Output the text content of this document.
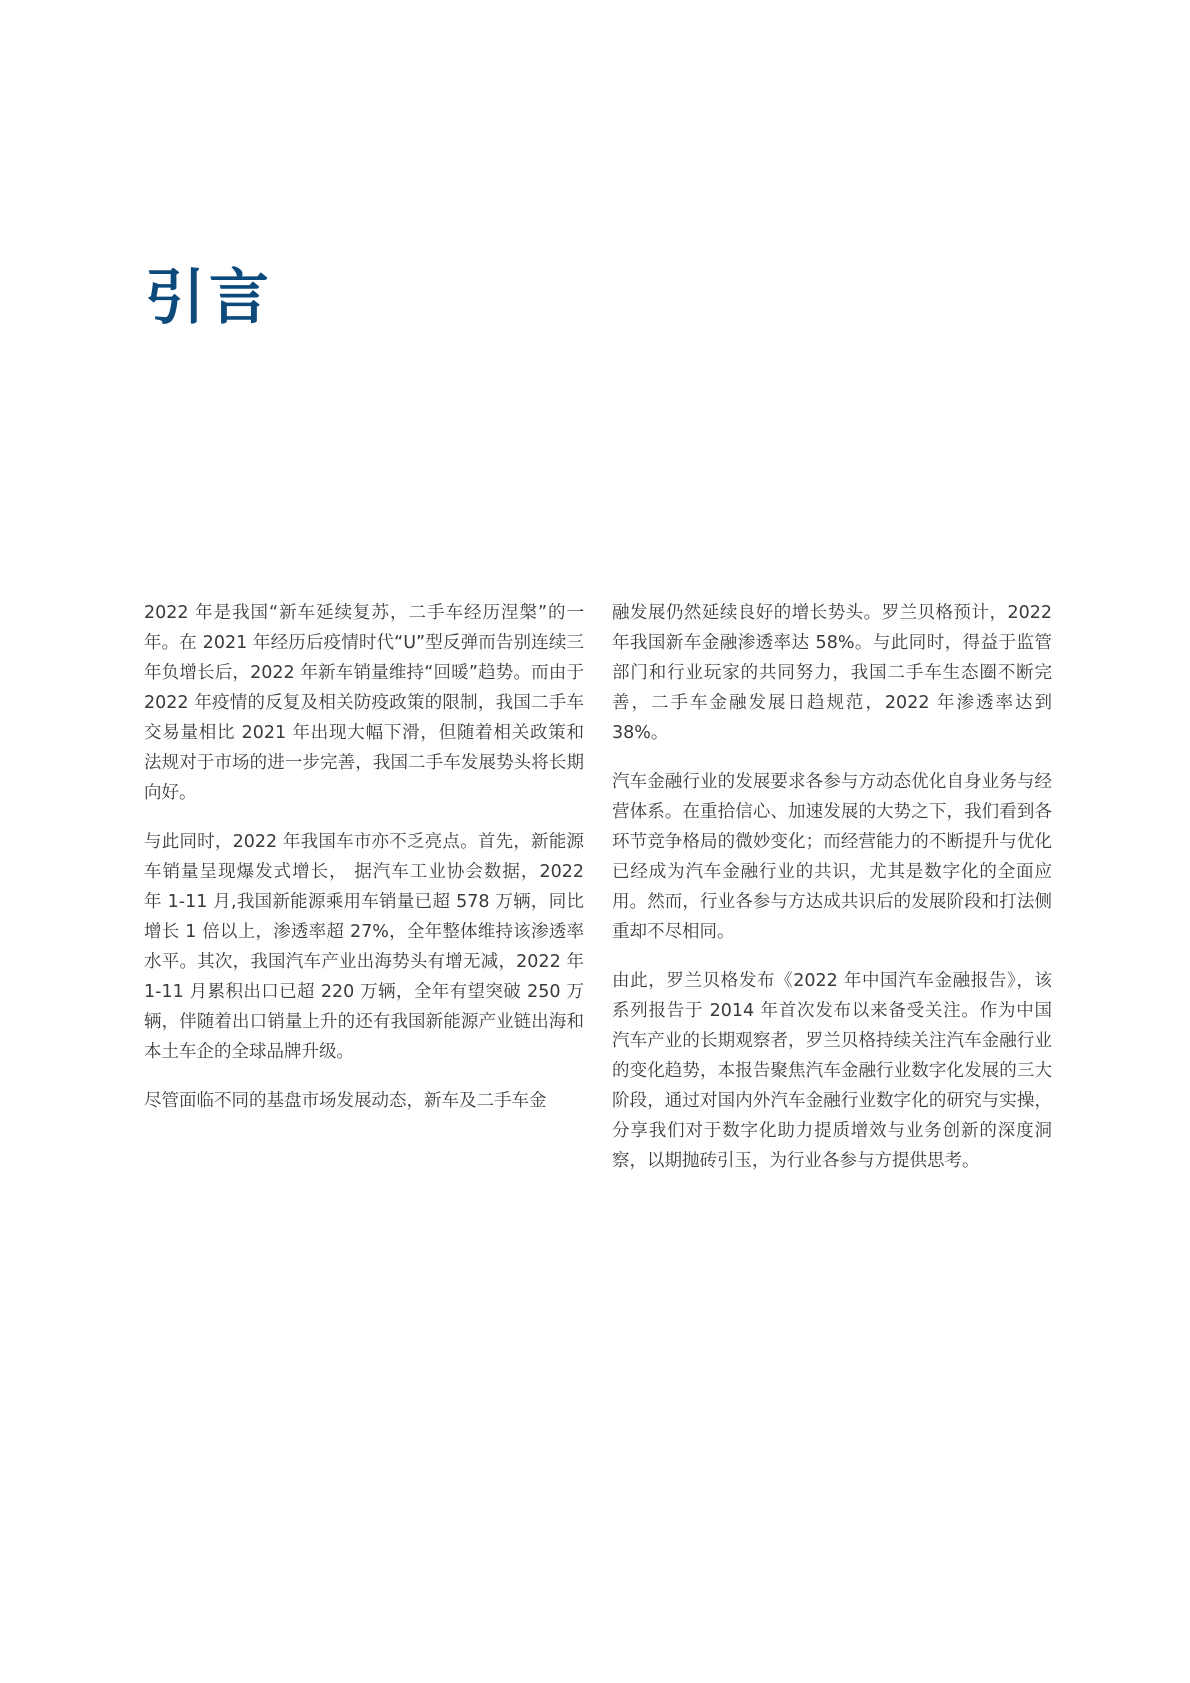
引言

2022 年是我国“新车延续复苏，二手车经历涅槃”的一年。在 2021 年经历后疫情时代“U”型反弹而告别连续三年负增长后，2022 年新车销量维持“回暖”趋势。而由于 2022 年疫情的反复及相关防疫政策的限制，我国二手车交易量相比 2021 年出现大幅下滑，但随着相关政策和法规对于市场的进一步完善，我国二手车发展势头将长期向好。

与此同时，2022 年我国车市亦不乏亮点。首先，新能源车销量呈现爆发式增长， 据汽车工业协会数据，2022 年 1-11 月,我国新能源乘用车销量已超 578 万辆，同比增长 1 倍以上，渗透率超 27%，全年整体维持该渗透率水平。其次，我国汽车产业出海势头有增无减，2022 年 1-11 月累积出口已超 220 万辆，全年有望突破 250 万辆，伴随着出口销量上升的还有我国新能源产业链出海和本土车企的全球品牌升级。

尽管面临不同的基盘市场发展动态，新车及二手车金

融发展仍然延续良好的增长势头。罗兰贝格预计，2022 年我国新车金融渗透率达 58%。与此同时，得益于监管部门和行业玩家的共同努力，我国二手车生态圈不断完善，二手车金融发展日趋规范，2022 年渗透率达到 38%。

汽车金融行业的发展要求各参与方动态优化自身业务与经营体系。在重拾信心、加速发展的大势之下，我们看到各环节竞争格局的微妙变化；而经营能力的不断提升与优化已经成为汽车金融行业的共识，尤其是数字化的全面应用。然而，行业各参与方达成共识后的发展阶段和打法侧重却不尽相同。

由此，罗兰贝格发布《2022 年中国汽车金融报告》，该系列报告于 2014 年首次发布以来备受关注。作为中国汽车产业的长期观察者，罗兰贝格持续关注汽车金融行业的变化趋势，本报告聚焦汽车金融行业数字化发展的三大阶段，通过对国内外汽车金融行业数字化的研究与实操，分享我们对于数字化助力提质增效与业务创新的深度洞察，以期抛砖引玉，为行业各参与方提供思考。
